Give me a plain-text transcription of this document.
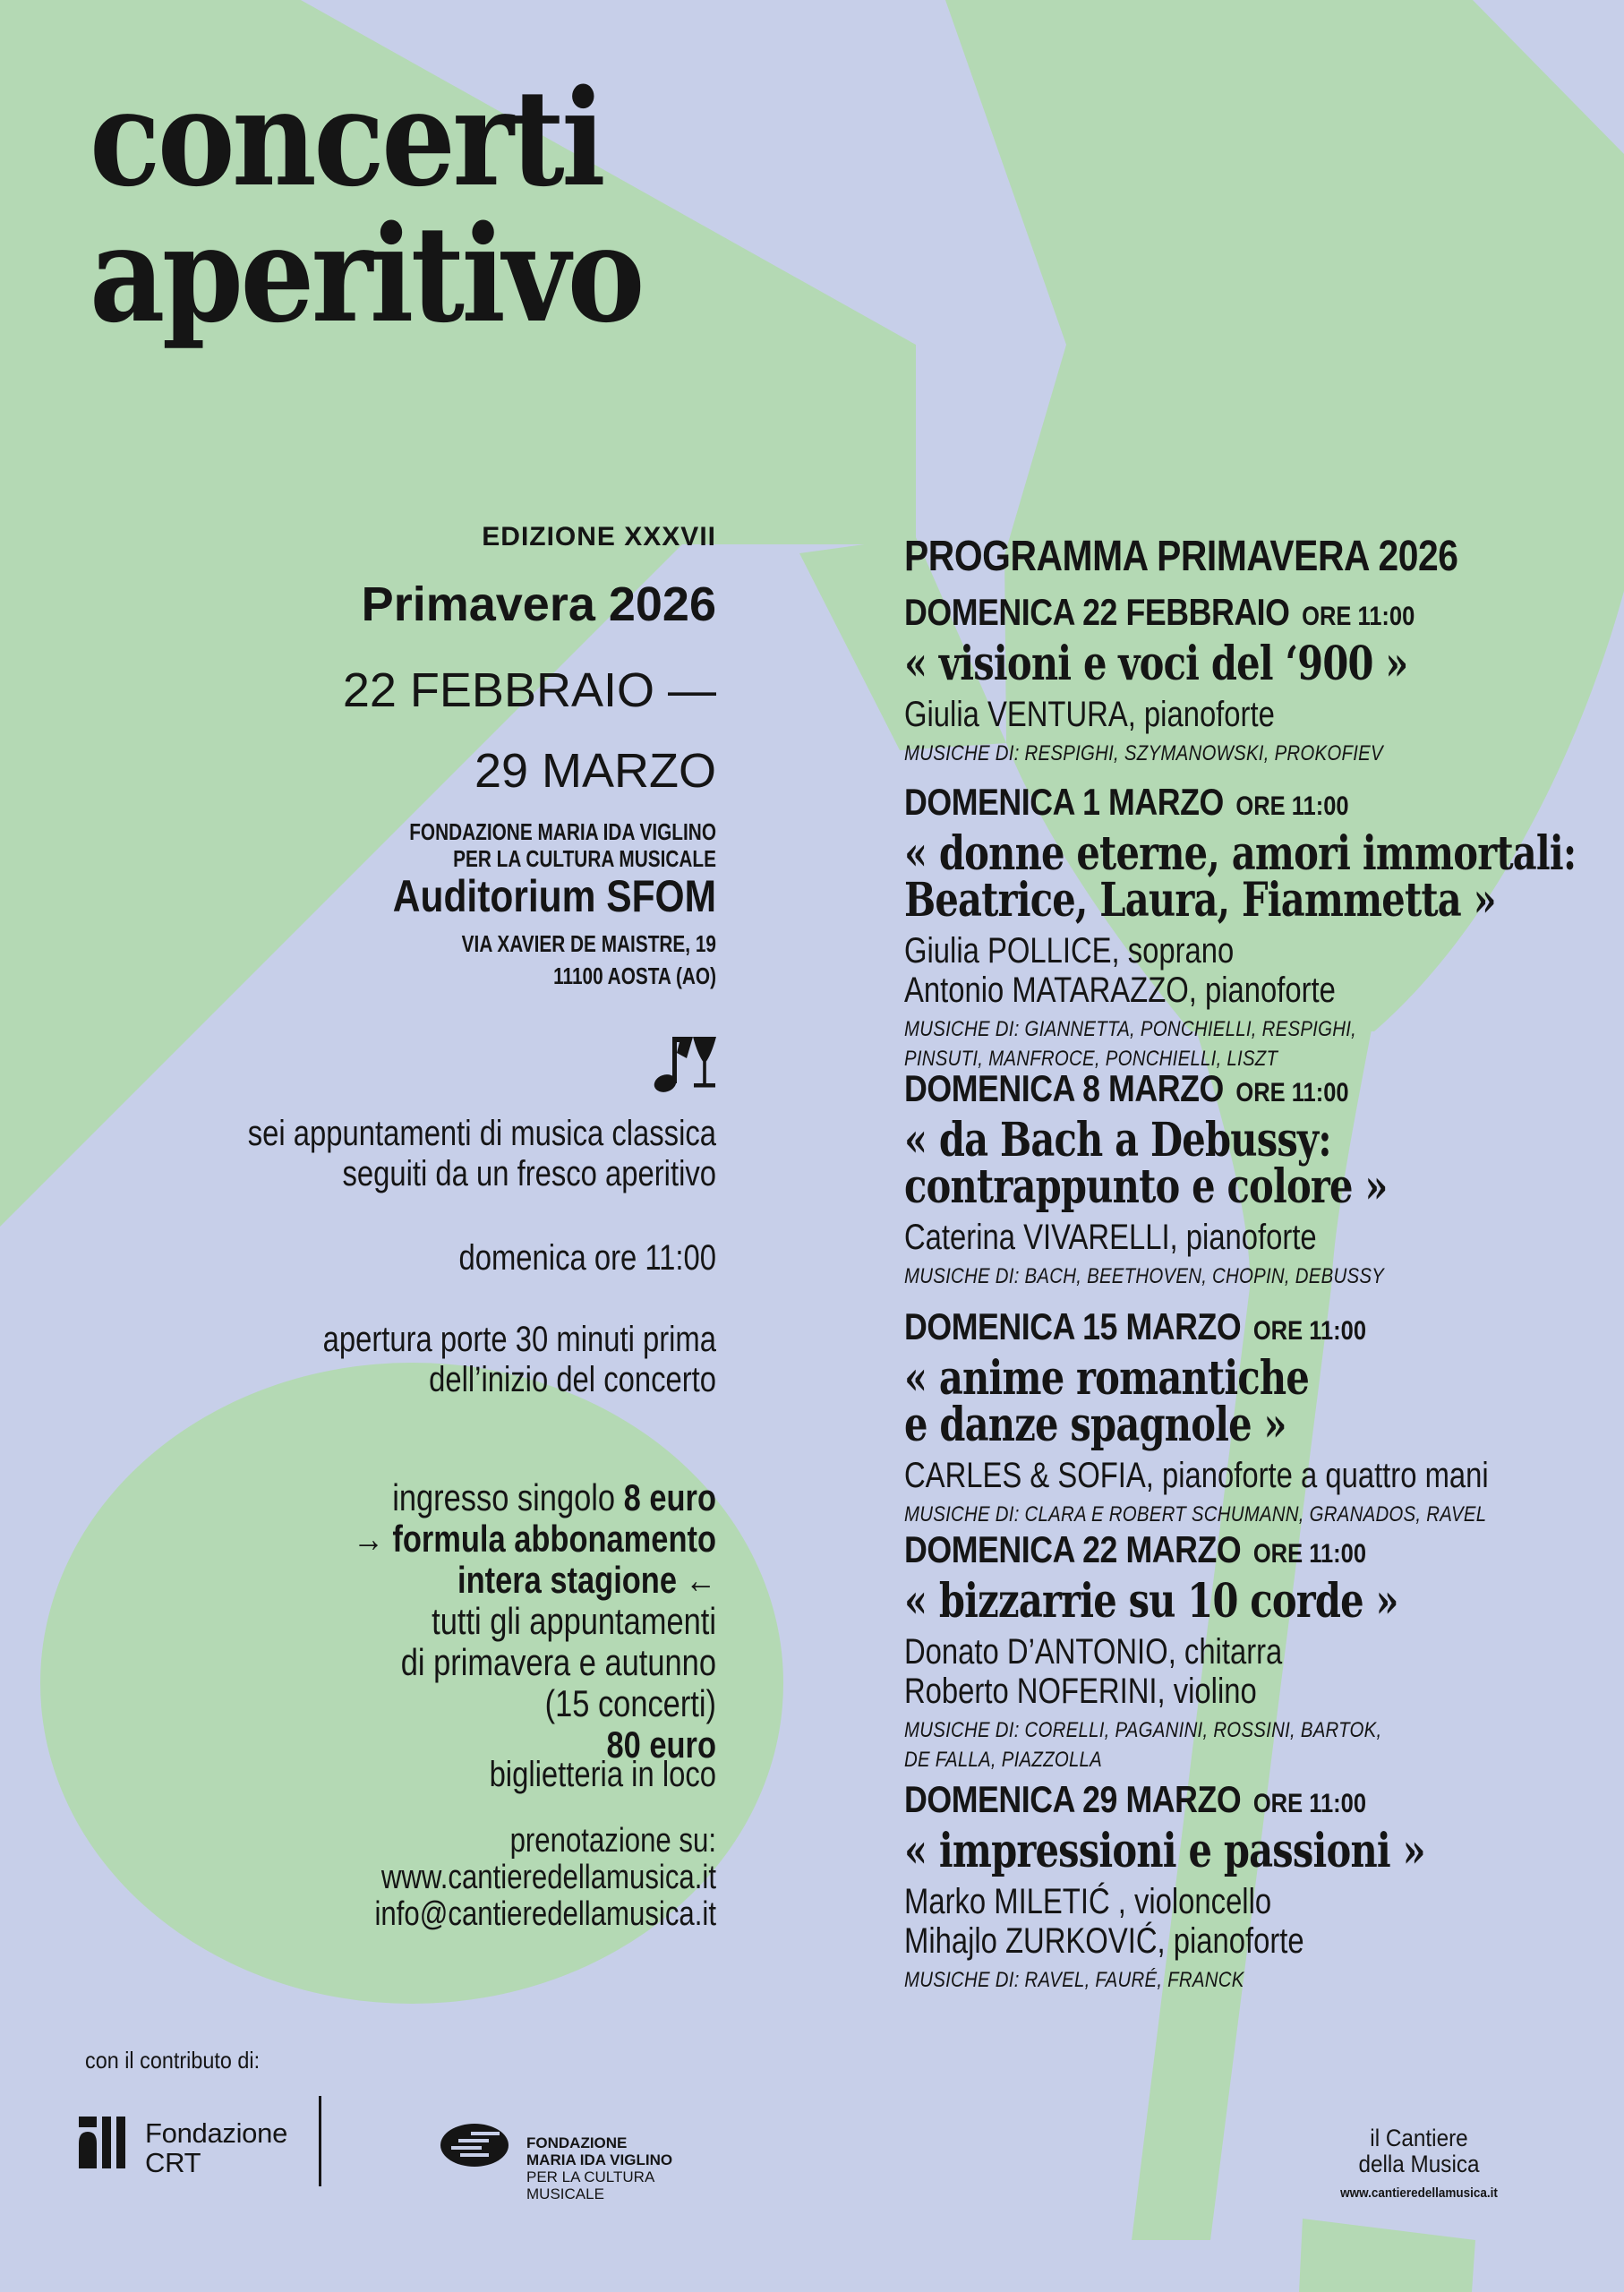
concerti
aperitivo
EDIZIONE XXXVII
Primavera 2026
22 FEBBRAIO —
29 MARZO
FONDAZIONE MARIA IDA VIGLINO
PER LA CULTURA MUSICALE
Auditorium SFOM
VIA XAVIER DE MAISTRE, 19
11100 AOSTA (AO)
sei appuntamenti di musica classica
seguiti da un fresco aperitivo
domenica ore 11:00
apertura porte 30 minuti prima
dell’inizio del concerto
ingresso singolo 8 euro
→ formula abbonamento
intera stagione ←
tutti gli appuntamenti
di primavera e autunno
(15 concerti)
80 euro
biglietteria in loco
prenotazione su:
www.cantieredellamusica.it
info@cantieredellamusica.it
PROGRAMMA PRIMAVERA 2026
DOMENICA 22 FEBBRAIO ORE 11:00
« visioni e voci del ‘900 »
Giulia VENTURA, pianoforte
MUSICHE DI: RESPIGHI, SZYMANOWSKI, PROKOFIEV
DOMENICA 1 MARZO ORE 11:00
« donne eterne, amori immortali:
Beatrice, Laura, Fiammetta »
Giulia POLLICE, soprano
Antonio MATARAZZO, pianoforte
MUSICHE DI: GIANNETTA, PONCHIELLI, RESPIGHI,
PINSUTI, MANFROCE, PONCHIELLI, LISZT
DOMENICA 8 MARZO ORE 11:00
« da Bach a Debussy:
contrappunto e colore »
Caterina VIVARELLI, pianoforte
MUSICHE DI: BACH, BEETHOVEN, CHOPIN, DEBUSSY
DOMENICA 15 MARZO ORE 11:00
« anime romantiche
e danze spagnole »
CARLES & SOFIA, pianoforte a quattro mani
MUSICHE DI: CLARA E ROBERT SCHUMANN, GRANADOS, RAVEL
DOMENICA 22 MARZO ORE 11:00
« bizzarrie su 10 corde »
Donato D’ANTONIO, chitarra
Roberto NOFERINI, violino
MUSICHE DI: CORELLI, PAGANINI, ROSSINI, BARTOK,
DE FALLA, PIAZZOLLA
DOMENICA 29 MARZO ORE 11:00
« impressioni e passioni »
Marko MILETIĆ , violoncello
Mihajlo ZURKOVIĆ, pianoforte
MUSICHE DI: RAVEL, FAURÉ, FRANCK
con il contributo di:
Fondazione
CRT
FONDAZIONE
MARIA IDA VIGLINO
PER LA CULTURA
MUSICALE
il Cantiere
della Musica
www.cantieredellamusica.it
